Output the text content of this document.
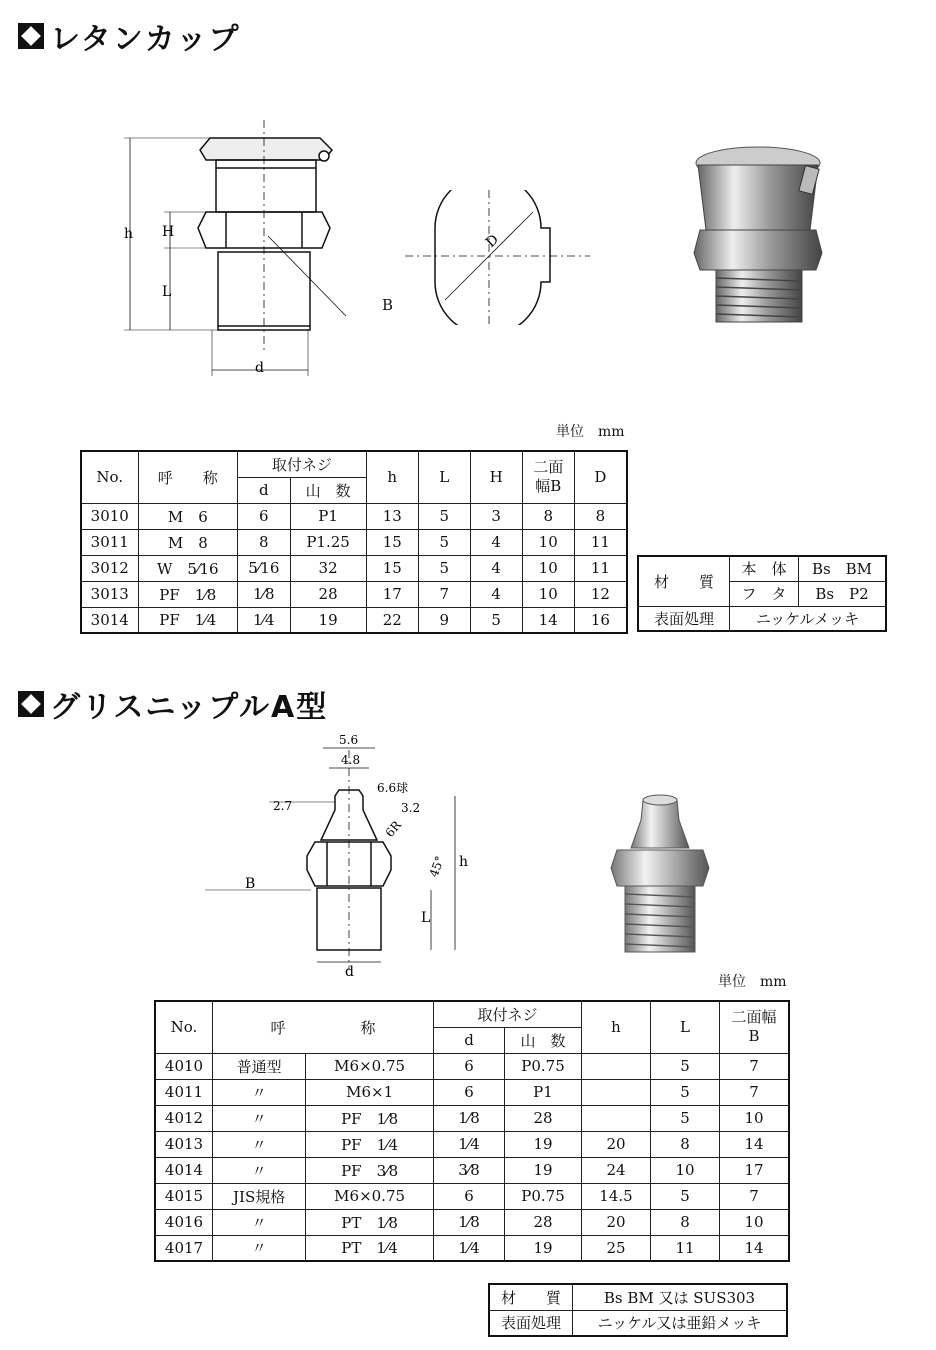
レタンカップ
h H
L
d
B
D
単位　mm
No.	呼　　称	取付ネジ		h	L	H	二面
幅B	D
		d	山　数					
3010	M　6	6	P1	13	5	3	8	8
3011	M　8	8	P1.25	15	5	4	10	11
3012	W　5⁄16	5⁄16	32	15	5	4	10	11
3013	PF　1⁄8	1⁄8	28	17	7	4	10	12
3014	PF　1⁄4	1⁄4	19	22	9	5	14	16
材　　質	本　体	Bs　BM
	フ　タ	Bs　P2
表面処理	ニッケルメッキ	
グリスニップルA型
5.6
4.8
6.6球
2.7	3.2
6R
45° h
L
d
B
単位　mm
No.	呼　　　　　称		取付ネジ		h	L	二面幅
B
			d	山　数			
4010	普通型	M6×0.75	6	P0.75		5	7
4011	〃	M6×1	6	P1		5	7
4012	〃	PF　1⁄8	1⁄8	28		5	10
4013	〃	PF　1⁄4	1⁄4	19	20	8	14
4014	〃	PF　3⁄8	3⁄8	19	24	10	17
4015	JIS規格	M6×0.75	6	P0.75	14.5	5	7
4016	〃	PT　1⁄8	1⁄8	28	20	8	10
4017	〃	PT　1⁄4	1⁄4	19	25	11	14
材　　質	Bs BM 又は SUS303
表面処理	ニッケル又は亜鉛メッキ
